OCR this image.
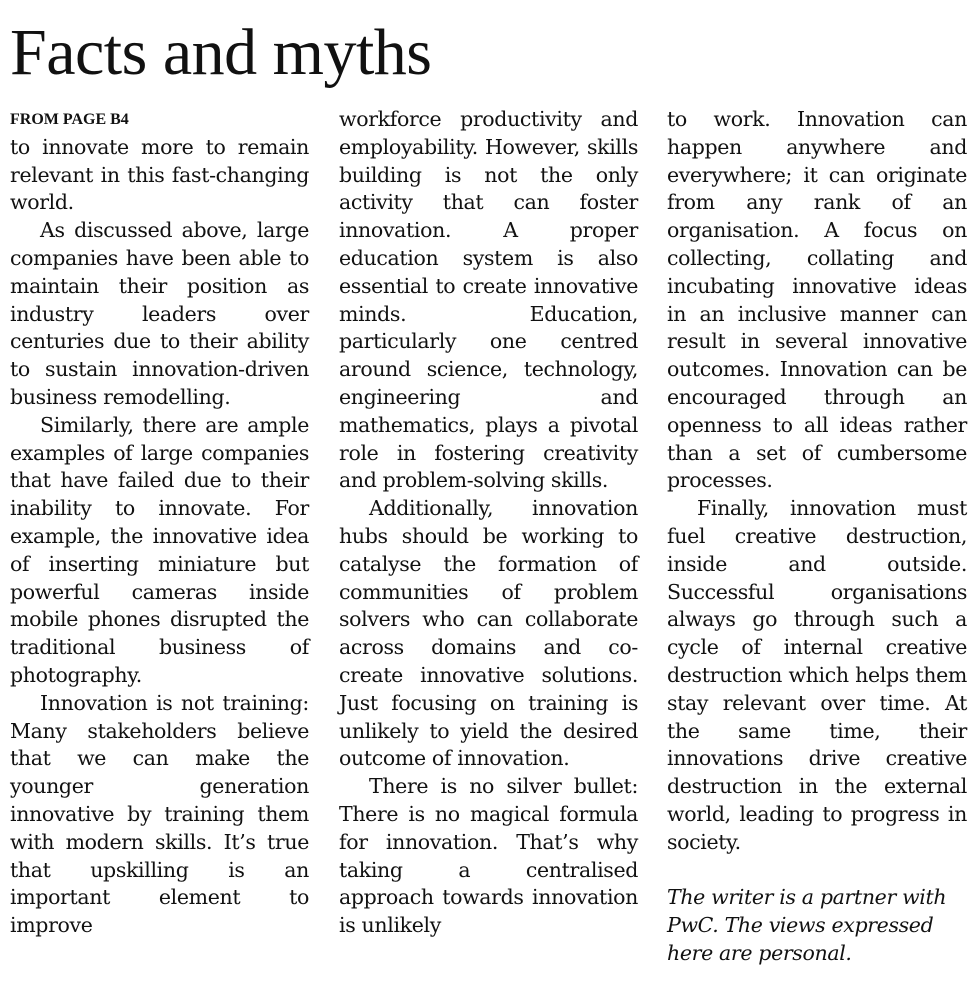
Facts and myths
FROM PAGE B4

to innovate more to remain relevant in this fast-changing world.

As discussed above, large companies have been able to maintain their position as industry leaders over centuries due to their ability to sustain innovation-driven business remodelling.

Similarly, there are ample examples of large companies that have failed due to their inability to innovate. For example, the innovative idea of inserting miniature but powerful cameras inside mobile phones disrupted the traditional business of photography.

Innovation is not training: Many stakeholders believe that we can make the younger generation innovative by training them with modern skills. It’s true that upskilling is an important element to improve

workforce productivity and employability. However, skills building is not the only activity that can foster innovation. A proper education system is also essential to create innovative minds. Education, particularly one centred around science, technology, engineering and mathematics, plays a pivotal role in fostering creativity and problem-solving skills.

Additionally, innovation hubs should be working to catalyse the formation of communities of problem solvers who can collaborate across domains and co-create innovative solutions. Just focusing on training is unlikely to yield the desired outcome of innovation.

There is no silver bullet: There is no magical formula for innovation. That’s why taking a centralised approach towards innovation is unlikely

to work. Innovation can happen anywhere and everywhere; it can originate from any rank of an organisation. A focus on collecting, collating and incubating innovative ideas in an inclusive manner can result in several innovative outcomes. Innovation can be encouraged through an openness to all ideas rather than a set of cumbersome processes.

Finally, innovation must fuel creative destruction, inside and outside. Successful organisations always go through such a cycle of internal creative destruction which helps them stay relevant over time. At the same time, their innovations drive creative destruction in the external world, leading to progress in society.

The writer is a partner with PwC. The views expressed here are personal.
